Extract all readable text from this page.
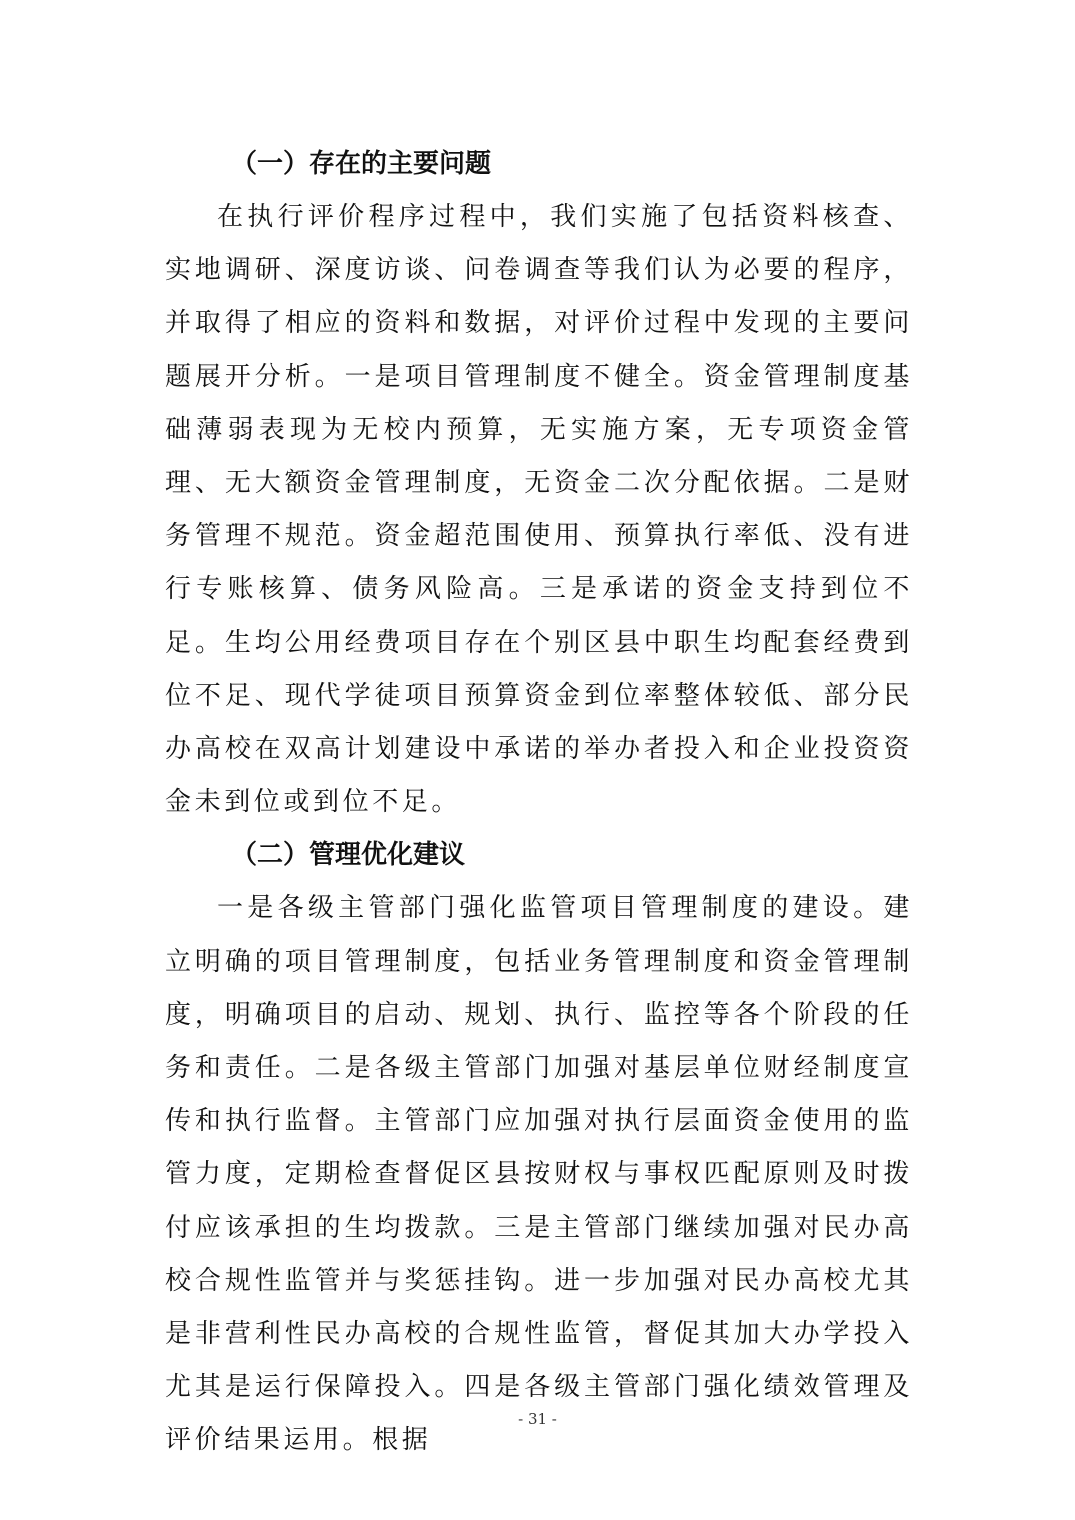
（一）存在的主要问题

在执行评价程序过程中，我们实施了包括资料核查、实地调研、深度访谈、问卷调查等我们认为必要的程序，并取得了相应的资料和数据，对评价过程中发现的主要问题展开分析。一是项目管理制度不健全。资金管理制度基础薄弱表现为无校内预算，无实施方案，无专项资金管理、无大额资金管理制度，无资金二次分配依据。二是财务管理不规范。资金超范围使用、预算执行率低、没有进行专账核算、债务风险高。三是承诺的资金支持到位不足。生均公用经费项目存在个别区县中职生均配套经费到位不足、现代学徒项目预算资金到位率整体较低、部分民办高校在双高计划建设中承诺的举办者投入和企业投资资金未到位或到位不足。

（二）管理优化建议

一是各级主管部门强化监管项目管理制度的建设。建立明确的项目管理制度，包括业务管理制度和资金管理制度，明确项目的启动、规划、执行、监控等各个阶段的任务和责任。二是各级主管部门加强对基层单位财经制度宣传和执行监督。主管部门应加强对执行层面资金使用的监管力度，定期检查督促区县按财权与事权匹配原则及时拨付应该承担的生均拨款。三是主管部门继续加强对民办高校合规性监管并与奖惩挂钩。进一步加强对民办高校尤其是非营利性民办高校的合规性监管，督促其加大办学投入尤其是运行保障投入。四是各级主管部门强化绩效管理及评价结果运用。根据

- 31 -
